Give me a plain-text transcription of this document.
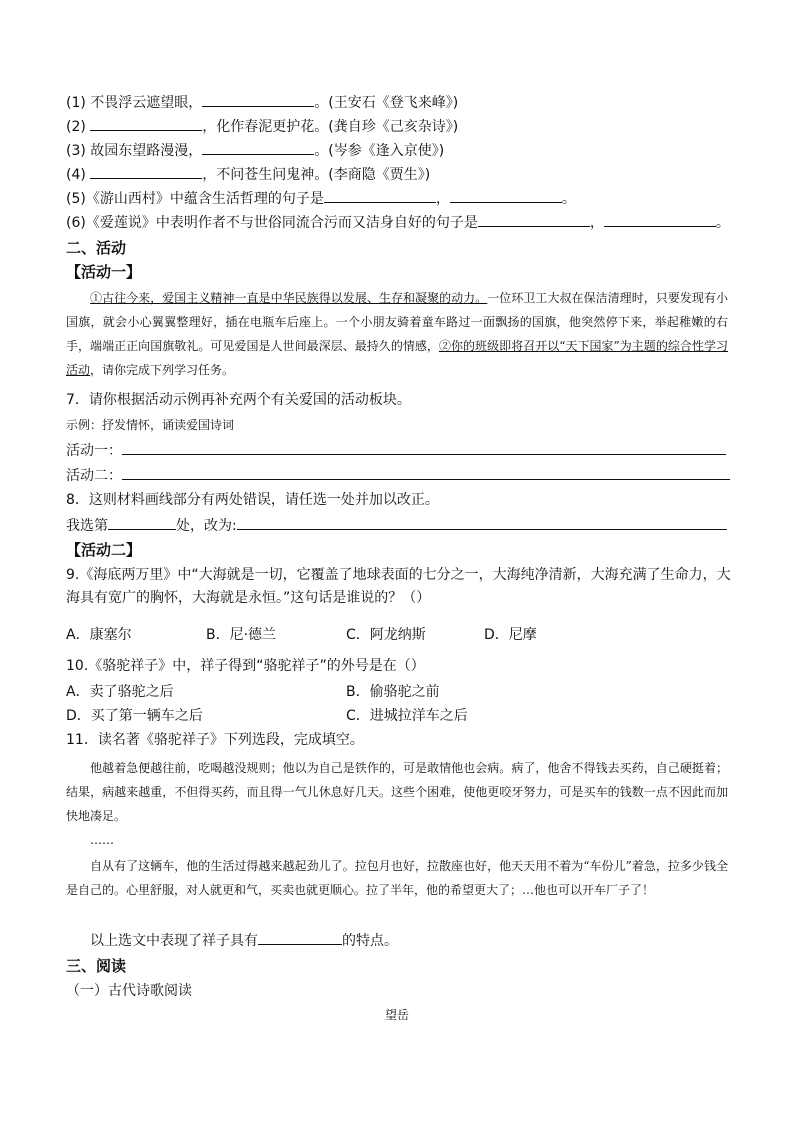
(1) 不畏浮云遮望眼，	。(王安石《登飞来峰》)
(2)	，化作春泥更护花。(龚自珍《己亥杂诗》)
(3) 故园东望路漫漫，	。(岑参《逢入京使》)
(4)	，不问苍生问鬼神。(李商隐《贾生》)
(5)《游山西村》中蕴含生活哲理的句子是	，	。
(6)《爱莲说》中表明作者不与世俗同流合污而又洁身自好的句子是	，	。
二、活动
【活动一】
①古往今来，爱国主义精神一直是中华民族得以发展、生存和凝聚的动力。一位环卫工大叔在保洁清理时，只要发现有小国旗，就会小心翼翼整理好，插在电瓶车后座上。一个小朋友骑着童车路过一面飘扬的国旗，他突然停下来，举起稚嫩的右手，端端正正向国旗敬礼。可见爱国是人世间最深层、最持久的情感，②你的班级即将召开以“天下国家”为主题的综合性学习活动，请你完成下列学习任务。
7．请你根据活动示例再补充两个有关爱国的活动板块。
示例：抒发情怀，诵读爱国诗词
活动一：
活动二：
8．这则材料画线部分有两处错误，请任选一处并加以改正。
我选第	处，改为:
【活动二】
9.《海底两万里》中“大海就是一切，它覆盖了地球表面的七分之一，大海纯净清新，大海充满了生命力，大
海具有宽广的胸怀，大海就是永恒。”这句话是谁说的？（）
A．康塞尔	B．尼·德兰	C．阿龙纳斯	D．尼摩
10.《骆驼祥子》中，祥子得到“骆驼祥子”的外号是在（）
A．卖了骆驼之后	B．偷骆驼之前
D．买了第一辆车之后	C．进城拉洋车之后
11．读名著《骆驼祥子》下列选段，完成填空。
他越着急便越往前，吃喝越没规则；他以为自己是铁作的，可是敢情他也会病。病了，他舍不得钱去买药，自己硬挺着；结果，病越来越重，不但得买药，而且得一气儿休息好几天。这些个困难，使他更咬牙努力，可是买车的钱数一点不因此而加快地凑足。
……
自从有了这辆车，他的生活过得越来越起劲儿了。拉包月也好，拉散座也好，他天天用不着为“车份儿”着急，拉多少钱全是自己的。心里舒服，对人就更和气，买卖也就更顺心。拉了半年，他的希望更大了；…他也可以开车厂子了！
以上选文中表现了祥子具有	的特点。
三、阅读
（一）古代诗歌阅读
望岳
